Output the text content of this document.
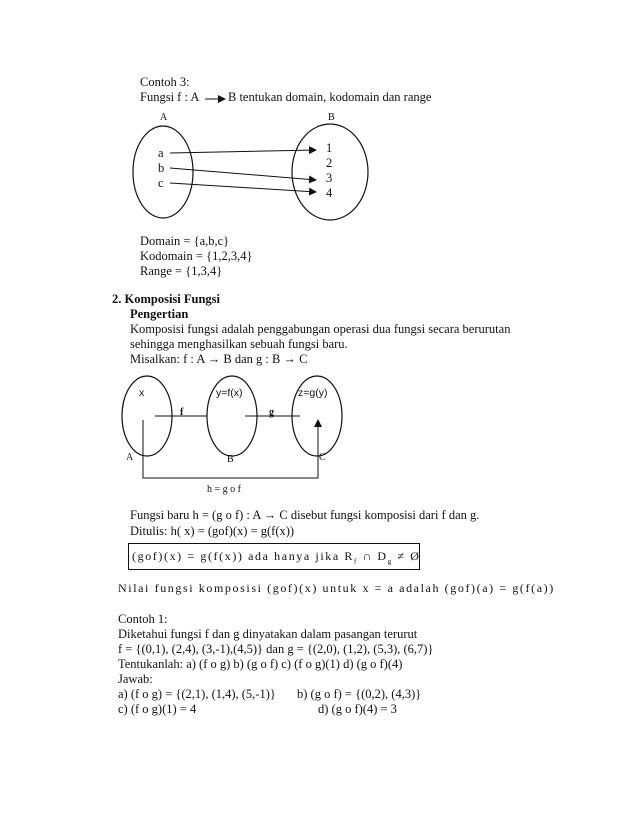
Contoh 3:
Fungsi f : A B tentukan domain, kodomain dan range
A	B
a
b
c
1
2
3
4
Domain = {a,b,c}
Kodomain = {1,2,3,4}
Range = {1,3,4}
2. Komposisi Fungsi
Pengertian
Komposisi fungsi adalah penggabungan operasi dua fungsi secara berurutan
sehingga menghasilkan sebuah fungsi baru.
Misalkan: f : A → B dan g : B → C
x	y=f(x)	z=g(y)
f	g
A	B	C
h = g o f
Fungsi baru h = (g o f) : A → C disebut fungsi komposisi dari f dan g.
Ditulis: h( x) = (gof)(x) = g(f(x))
(gof)(x) = g(f(x)) ada hanya jika $R_f$ ∩ $D_g$ ≠ Ø
Nilai fungsi komposisi (gof)(x) untuk x = a adalah (gof)(a) = g(f(a))
Contoh 1:
Diketahui fungsi f dan g dinyatakan dalam pasangan terurut
f = {(0,1), (2,4), (3,-1),(4,5)} dan g = {(2,0), (1,2), (5,3), (6,7)}
Tentukanlah: a) (f o g) b) (g o f) c) (f o g)(1) d) (g o f)(4)
Jawab:
a) (f o g) = {(2,1), (1,4), (5,-1)} b) (g o f) = {(0,2), (4,3)}
c) (f o g)(1) = 4	d) (g o f)(4) = 3
